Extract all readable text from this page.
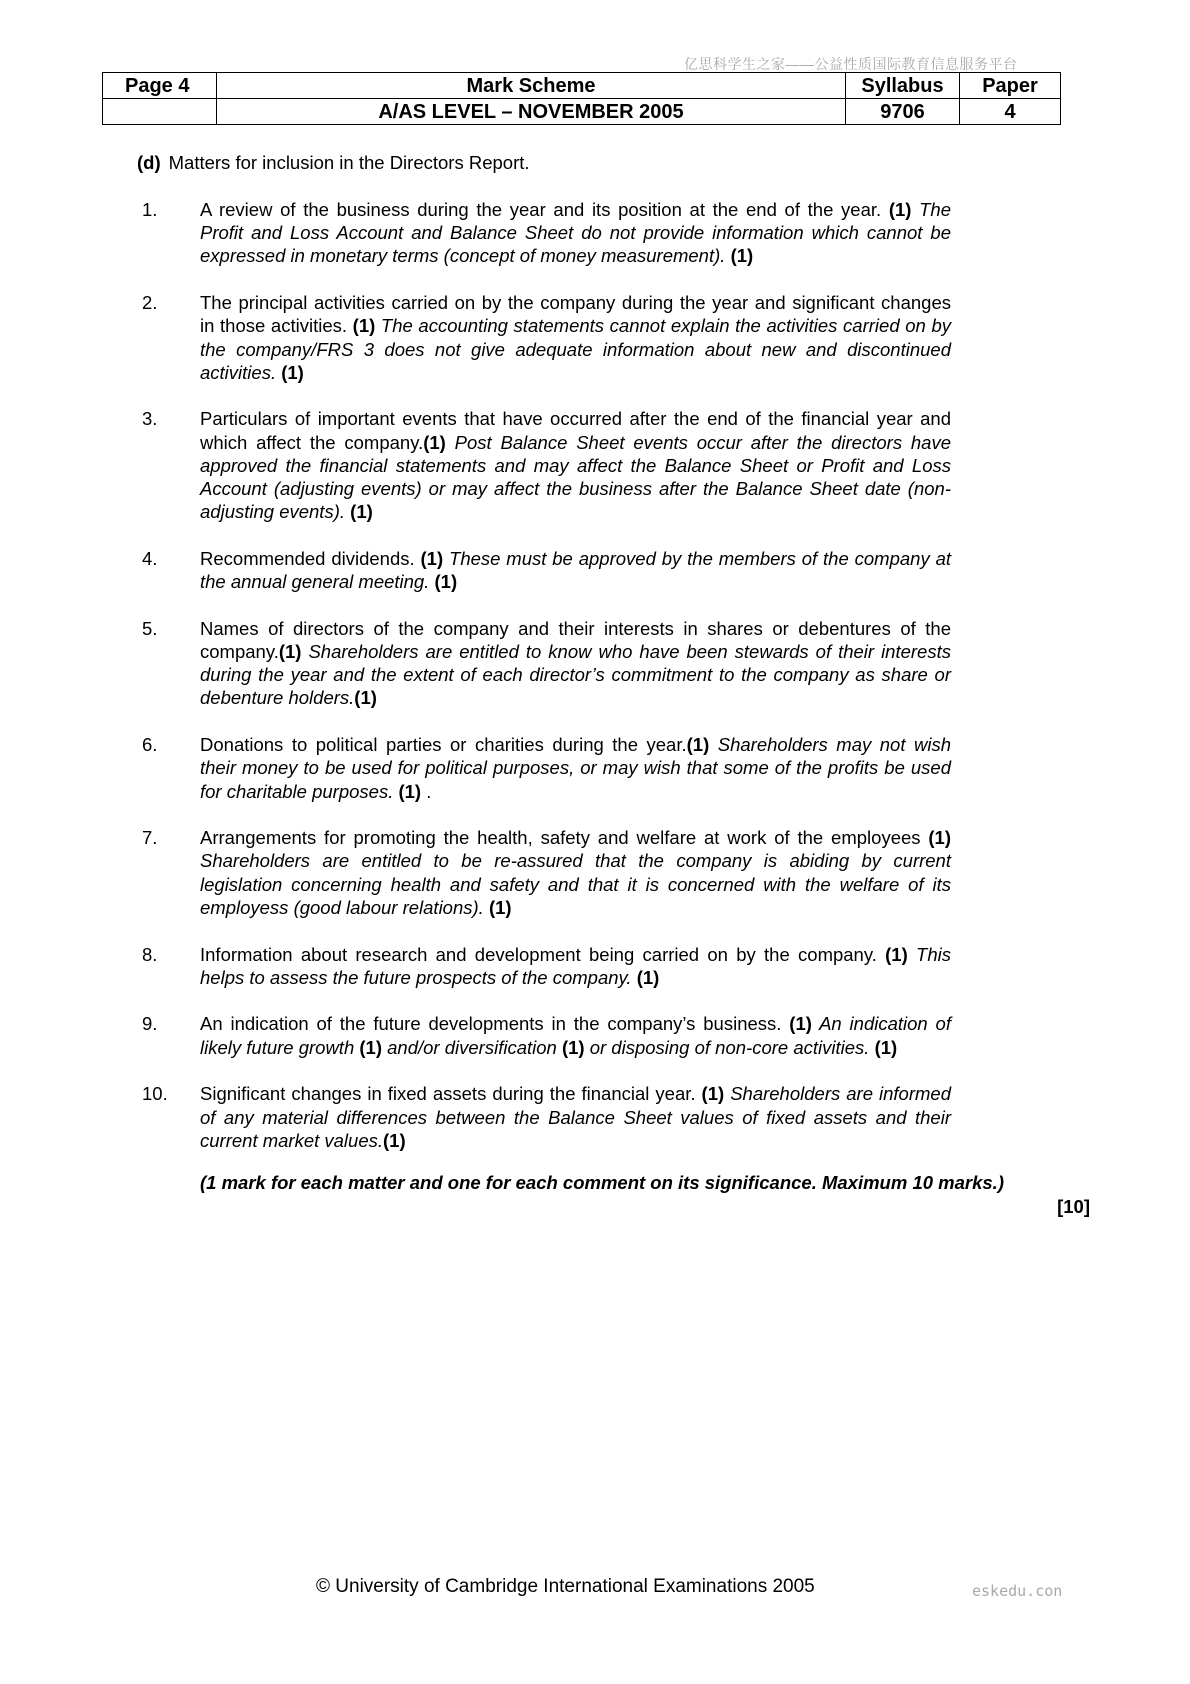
亿思科学生之家——公益性质国际教育信息服务平台
Page 4	Mark Scheme	Syllabus	Paper
	A/AS LEVEL – NOVEMBER 2005	9706	4
(d) Matters for inclusion in the Directors Report.
1. A review of the business during the year and its position at the end of the year. (1) The Profit and Loss Account and Balance Sheet do not provide information which cannot be expressed in monetary terms (concept of money measurement). (1)
2. The principal activities carried on by the company during the year and significant changes in those activities. (1) The accounting statements cannot explain the activities carried on by the company/FRS 3 does not give adequate information about new and discontinued activities. (1)
3. Particulars of important events that have occurred after the end of the financial year and which affect the company.(1) Post Balance Sheet events occur after the directors have approved the financial statements and may affect the Balance Sheet or Profit and Loss Account (adjusting events) or may affect the business after the Balance Sheet date (non-adjusting events). (1)
4. Recommended dividends. (1) These must be approved by the members of the company at the annual general meeting. (1)
5. Names of directors of the company and their interests in shares or debentures of the company.(1) Shareholders are entitled to know who have been stewards of their interests during the year and the extent of each director’s commitment to the company as share or debenture holders.(1)
6. Donations to political parties or charities during the year.(1) Shareholders may not wish their money to be used for political purposes, or may wish that some of the profits be used for charitable purposes. (1) .
7. Arrangements for promoting the health, safety and welfare at work of the employees (1) Shareholders are entitled to be re-assured that the company is abiding by current legislation concerning health and safety and that it is concerned with the welfare of its employess (good labour relations). (1)
8. Information about research and development being carried on by the company. (1) This helps to assess the future prospects of the company. (1)
9. An indication of the future developments in the company’s business. (1) An indication of likely future growth (1) and/or diversification (1) or disposing of non-core activities. (1)
10. Significant changes in fixed assets during the financial year. (1) Shareholders are informed of any material differences between the Balance Sheet values of fixed assets and their current market values.(1)
(1 mark for each matter and one for each comment on its significance. Maximum 10 marks.)
[10]
© University of Cambridge International Examinations 2005	eskedu.con
